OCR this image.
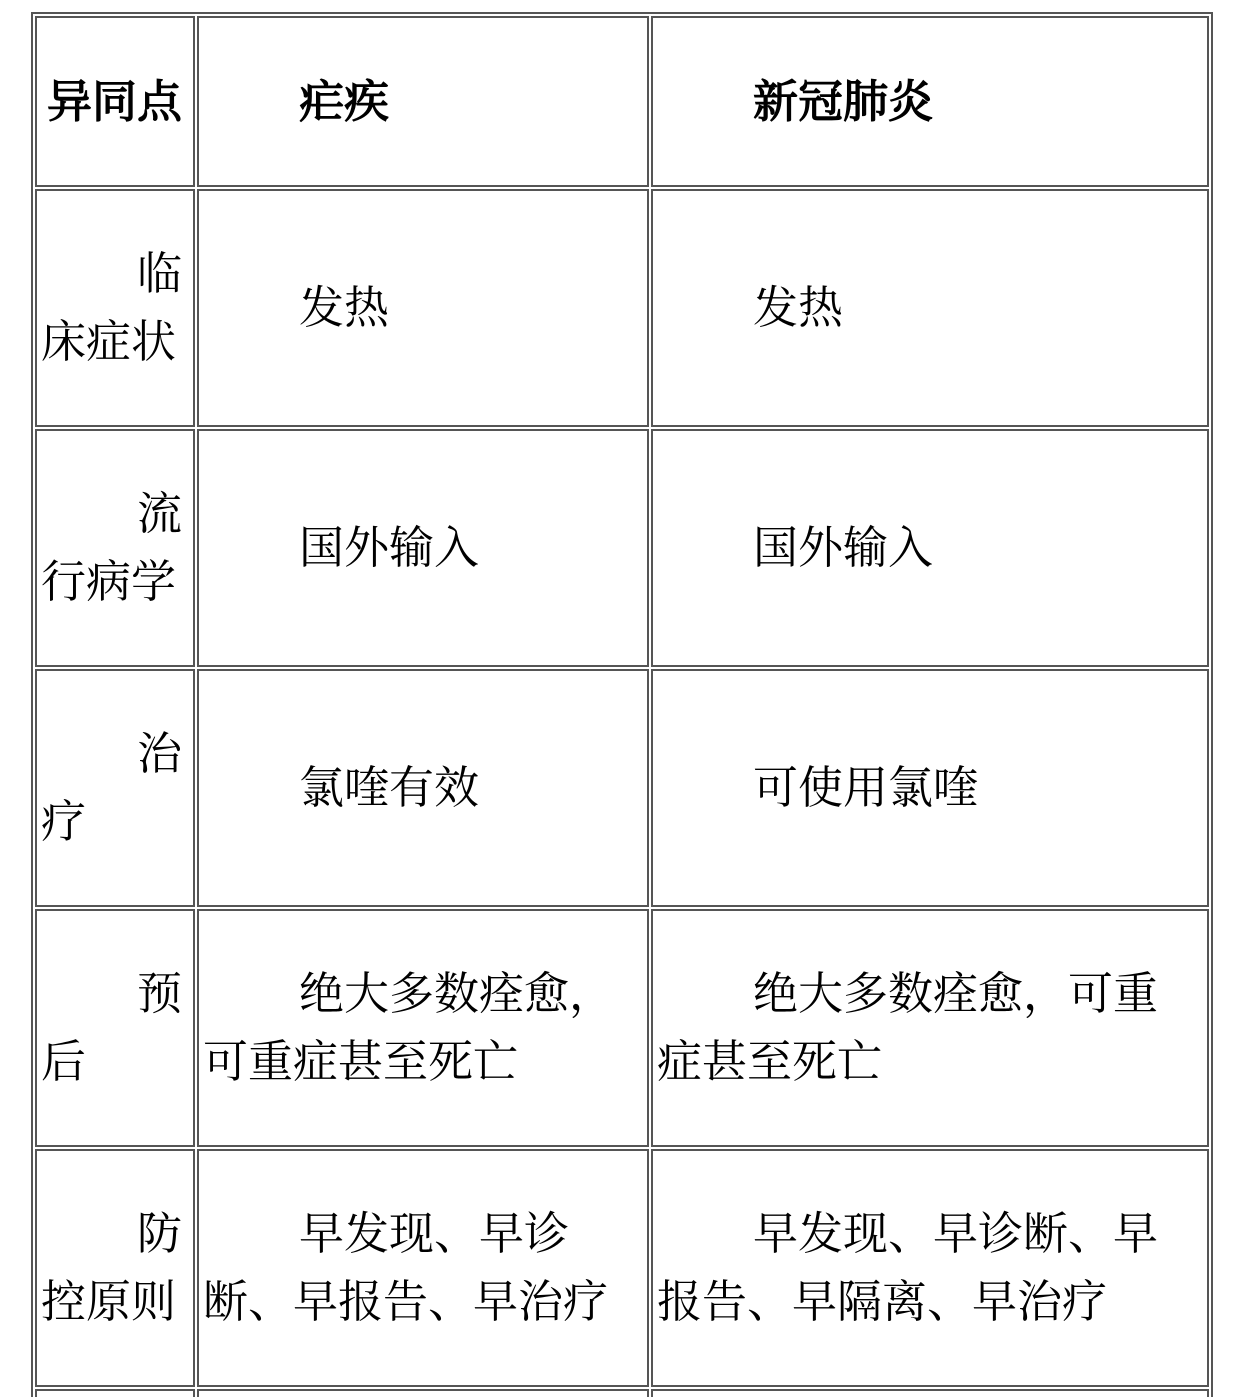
异同点	疟疾	新冠肺炎
临床症状	发热	发热
流行病学	国外输入	国外输入
治疗	氯喹有效	可使用氯喹
预后	绝大多数痊愈，可重症甚至死亡	绝大多数痊愈，可重症甚至死亡
防控原则	早发现、早诊断、早报告、早治疗	早发现、早诊断、早报告、早隔离、早治疗
